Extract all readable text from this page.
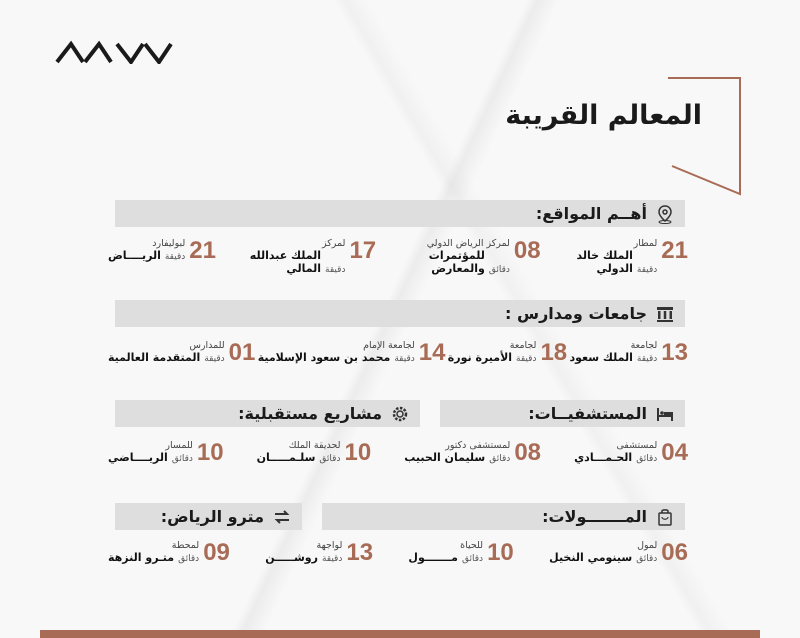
المعالم القريبة
أهــم المواقع:
21
لمطار
دقيقة
الملك خالد الدولي
08
لمركز الرياض الدولي
دقائق
للمؤتمرات والمعارض
17
لمركز
دقيقة
الملك عبدالله المالي
21
لبوليفارد
دقيقة
الريــــاض
جامعات ومدارس :
13
لجامعة
دقيقة
الملك سعود
18
لجامعة
دقيقة
الأميرة نورة
14
لجامعة الإمام
دقيقة
محمد بن سعود الإسلامية
01
للمدارس
دقيقة
المتقدمة العالمية
المستشفيــات:
مشاريع مستقبلية:
04
لمستشفى
دقائق
الحـمـــادي
08
لمستشفى دكتور
دقائق
سليمان الحبيب
10
لحديقة الملك
دقائق
سلـمـــــان
10
للمسار
دقائق
الريــــاضي
المـــــــولات:
مترو الرياض:
06
لمول
دقائق
سينومي النخيل
10
للحياة
دقائق
مـــــــول
13
لواجهة
دقيقة
روشـــــن
09
لمحطة
دقائق
متـرو النزهة
